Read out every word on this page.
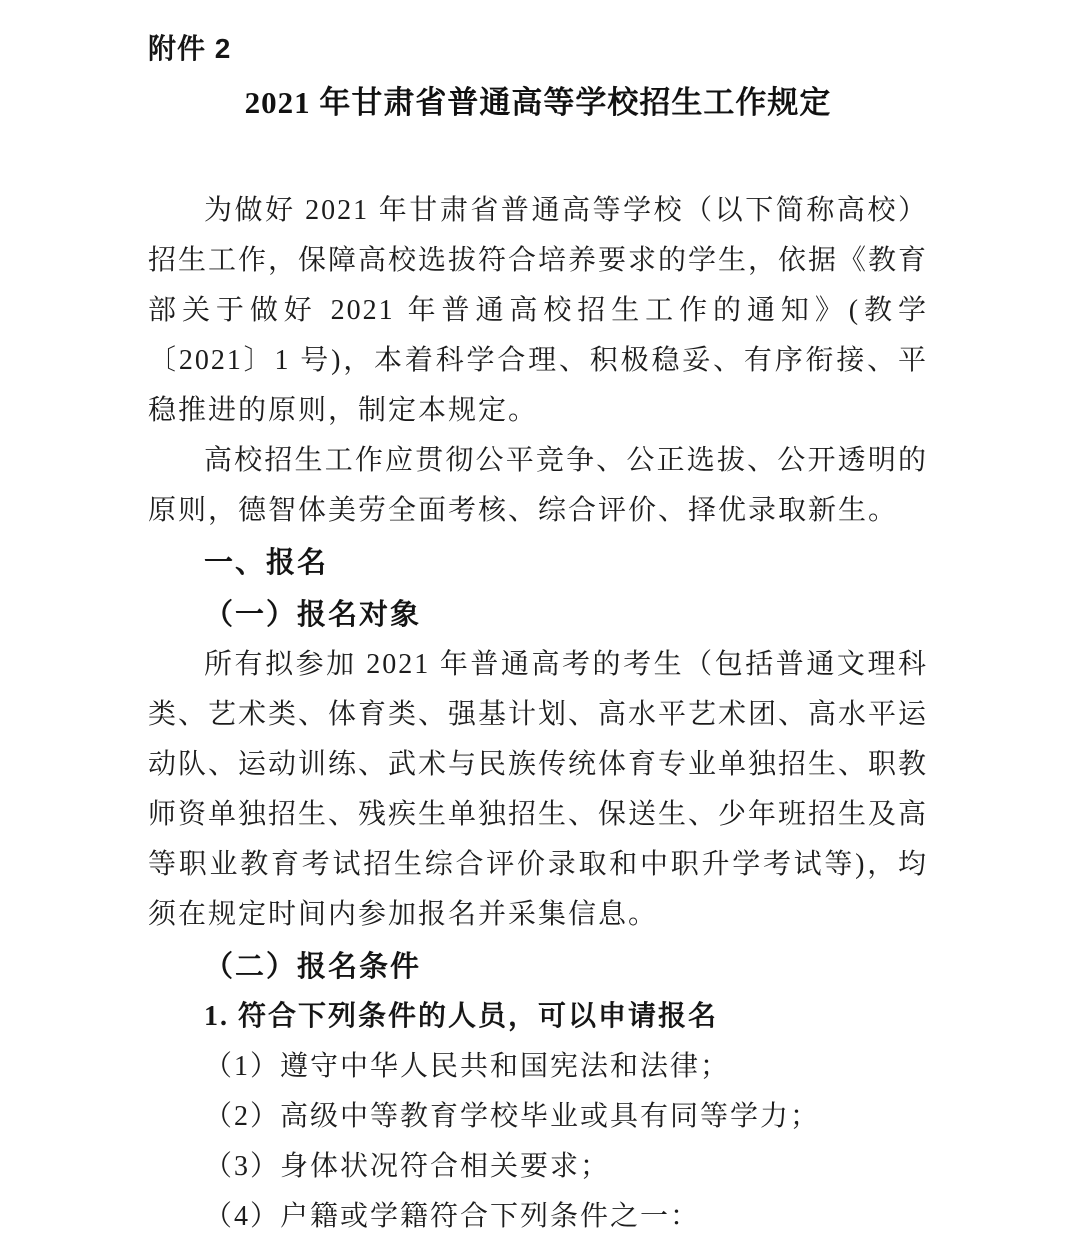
附件 2
2021 年甘肃省普通高等学校招生工作规定

为做好 2021 年甘肃省普通高等学校（以下简称高校）招生工作，保障高校选拔符合培养要求的学生，依据《教育部关于做好 2021 年普通高校招生工作的通知》(教学〔2021〕1 号)，本着科学合理、积极稳妥、有序衔接、平稳推进的原则，制定本规定。

高校招生工作应贯彻公平竞争、公正选拔、公开透明的原则，德智体美劳全面考核、综合评价、择优录取新生。

一、报名
（一）报名对象

所有拟参加 2021 年普通高考的考生（包括普通文理科类、艺术类、体育类、强基计划、高水平艺术团、高水平运动队、运动训练、武术与民族传统体育专业单独招生、职教师资单独招生、残疾生单独招生、保送生、少年班招生及高等职业教育考试招生综合评价录取和中职升学考试等)，均须在规定时间内参加报名并采集信息。

（二）报名条件

1. 符合下列条件的人员，可以申请报名

（1）遵守中华人民共和国宪法和法律；

（2）高级中等教育学校毕业或具有同等学力；

（3）身体状况符合相关要求；

（4）户籍或学籍符合下列条件之一：
